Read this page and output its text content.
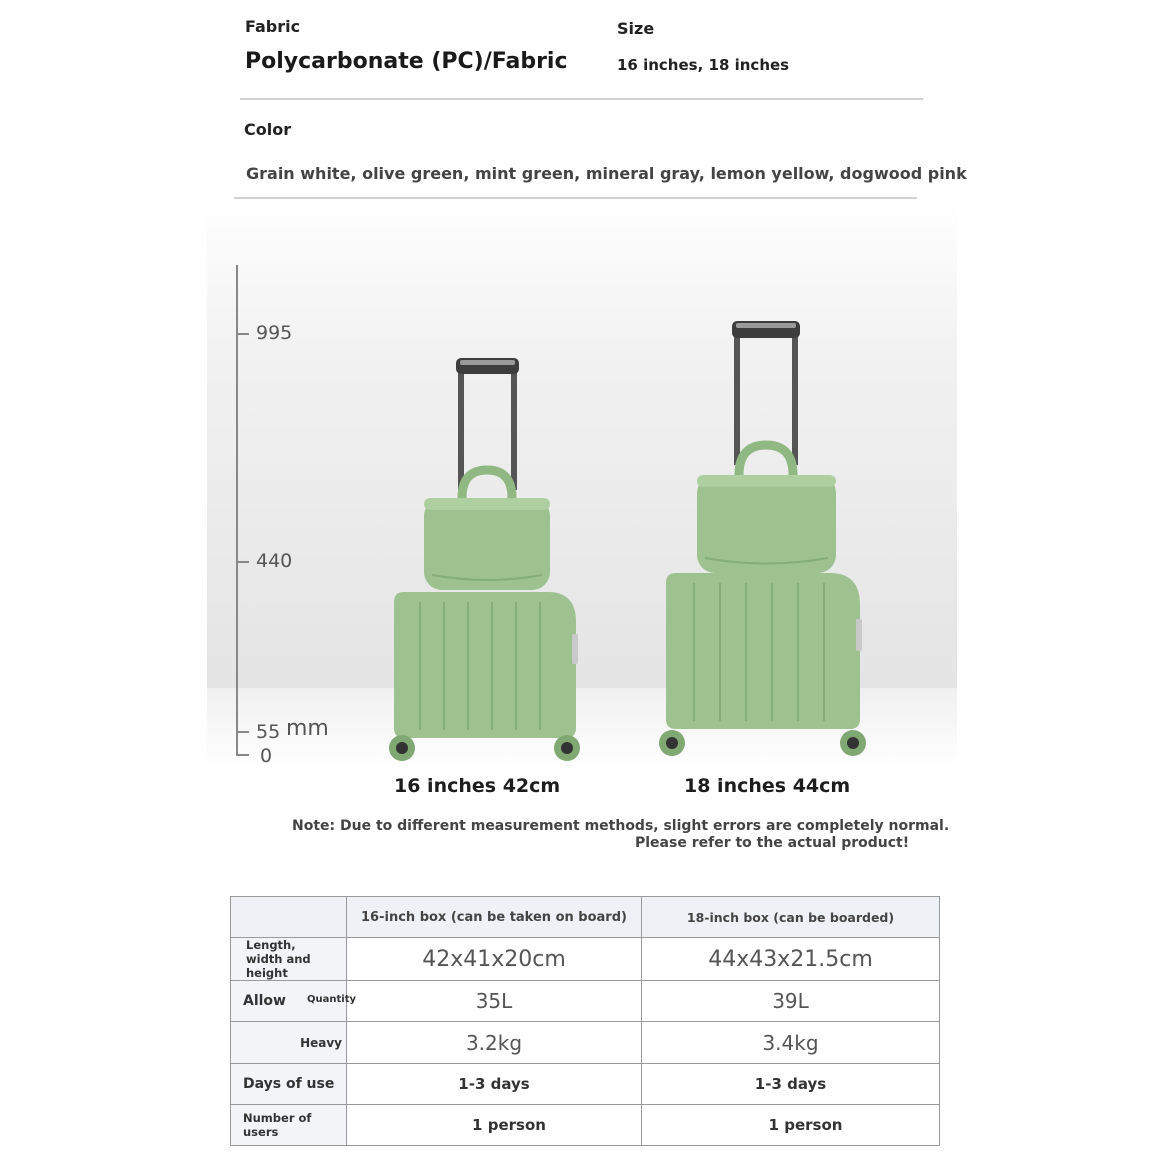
Fabric
Polycarbonate (PC)/Fabric
Size
16 inches, 18 inches
Color
Grain white, olive green, mint green, mineral gray, lemon yellow, dogwood pink
995
440
55 mm
0
16 inches 42cm	18 inches 44cm
Note: Due to different measurement methods, slight errors are completely normal.
Please refer to the actual product!
	16-inch box (can be taken on board)	18-inch box (can be boarded)

Length, width and height	42x41x20cm	44x43x21.5cm
Allow Quantity	35L	39L
Heavy	3.2kg	3.4kg
Days of use	1-3 days	1-3 days
Number of users	1 person	1 person
